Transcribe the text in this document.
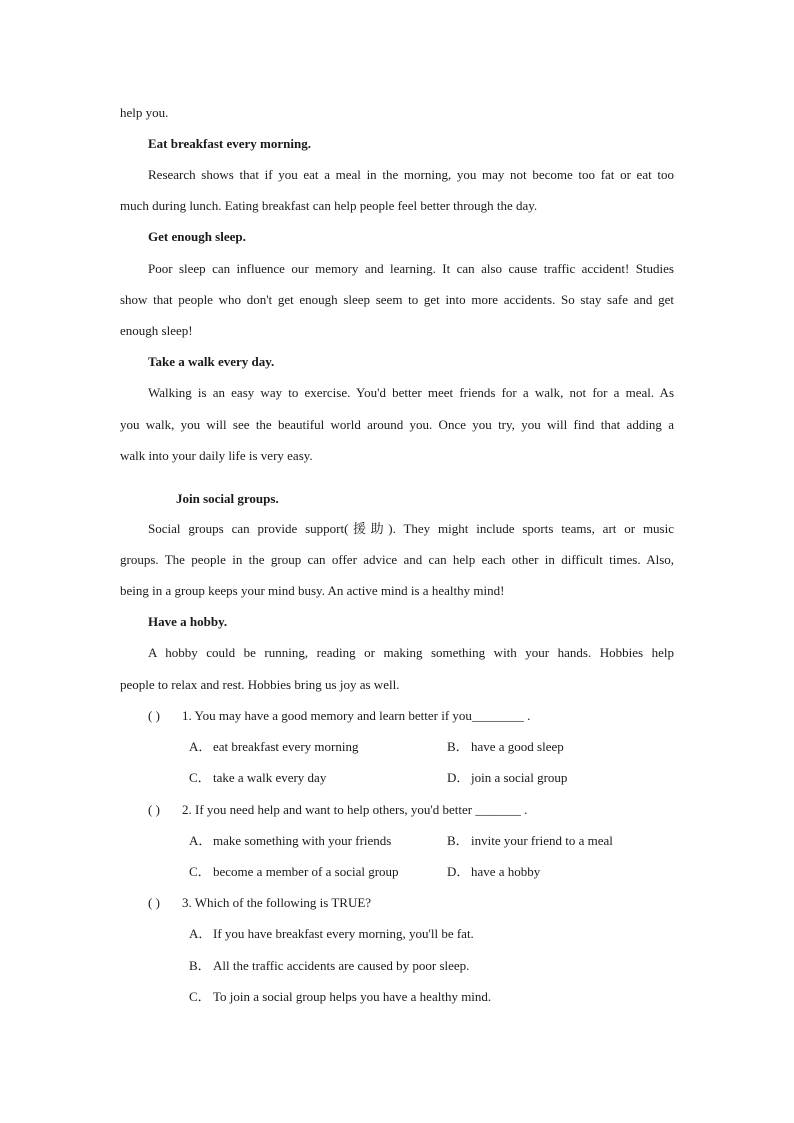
help you.
Eat breakfast every morning.
Research shows that if you eat a meal in the morning, you may not become too fat or eat too
much during lunch. Eating breakfast can help people feel better through the day.
Get enough sleep.
Poor sleep can influence our memory and learning. It can also cause traffic accident! Studies
show that people who don't get enough sleep seem to get into more accidents. So stay safe and get
enough sleep!
Take a walk every day.
Walking is an easy way to exercise. You'd better meet friends for a walk, not for a meal. As
you walk, you will see the beautiful world around you. Once you try, you will find that adding a
walk into your daily life is very easy.
Join social groups.
Social groups can provide support(援助). They might include sports teams, art or music
groups. The people in the group can offer advice and can help each other in difficult times. Also,
being in a group keeps your mind busy. An active mind is a healthy mind!
Have a hobby.
A hobby could be running, reading or making something with your hands. Hobbies help
people to relax and rest. Hobbies bring us joy as well.
( ) 1. You may have a good memory and learn better if you________ .
A． eat breakfast every morning	B． have a good sleep
C． take a walk every day	D． join a social group
( ) 2. If you need help and want to help others, you'd better _______ .
A． make something with your friends	B． invite your friend to a meal
C． become a member of a social group	D． have a hobby
( ) 3. Which of the following is TRUE?
A． If you have breakfast every morning, you'll be fat.
B． All the traffic accidents are caused by poor sleep.
C． To join a social group helps you have a healthy mind.
